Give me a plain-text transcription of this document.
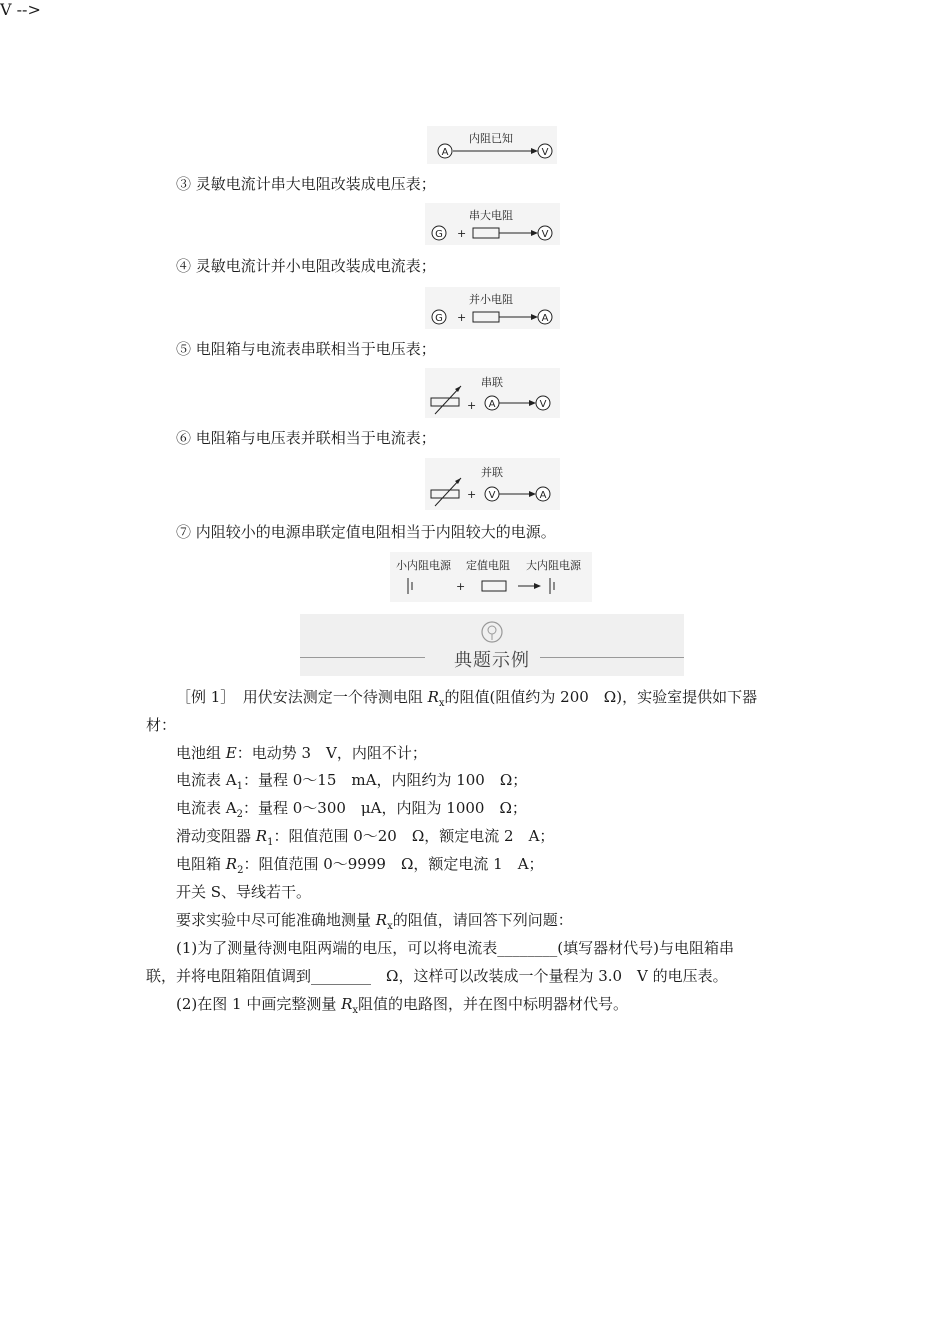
V -->
内阻已知
A	V
③ 灵敏电流计串大电阻改装成电压表；
串大电阻
G +	V
④ 灵敏电流计并小电阻改装成电流表；
并小电阻
G +	A
⑤ 电阻箱与电流表串联相当于电压表；
串联
+ A	V
⑥ 电阻箱与电压表并联相当于电流表；
并联
+ V	A
⑦ 内阻较小的电源串联定值电阻相当于内阻较大的电源。
小内阻电源 定值电阻 大内阻电源
+
典题示例
［例 1］　用伏安法测定一个待测电阻 $R_x$的阻值(阻值约为 200　Ω)，实验室提供如下器
材：
电池组 E：电动势 3　V，内阻不计；
电流表 $A_1$：量程 0～15　mA，内阻约为 100　Ω；
电流表 $A_2$：量程 0～300　μA，内阻为 1000　Ω；
滑动变阻器 $R_1$：阻值范围 0～20　Ω，额定电流 2　A；
电阻箱 $R_2$：阻值范围 0～9999　Ω，额定电流 1　A；
开关 S、导线若干。
要求实验中尽可能准确地测量 $R_x$的阻值，请回答下列问题：
(1)为了测量待测电阻两端的电压，可以将电流表________(填写器材代号)与电阻箱串
联，并将电阻箱阻值调到________　Ω，这样可以改装成一个量程为 3.0　V 的电压表。
(2)在图 1 中画完整测量 $R_x$阻值的电路图，并在图中标明器材代号。
